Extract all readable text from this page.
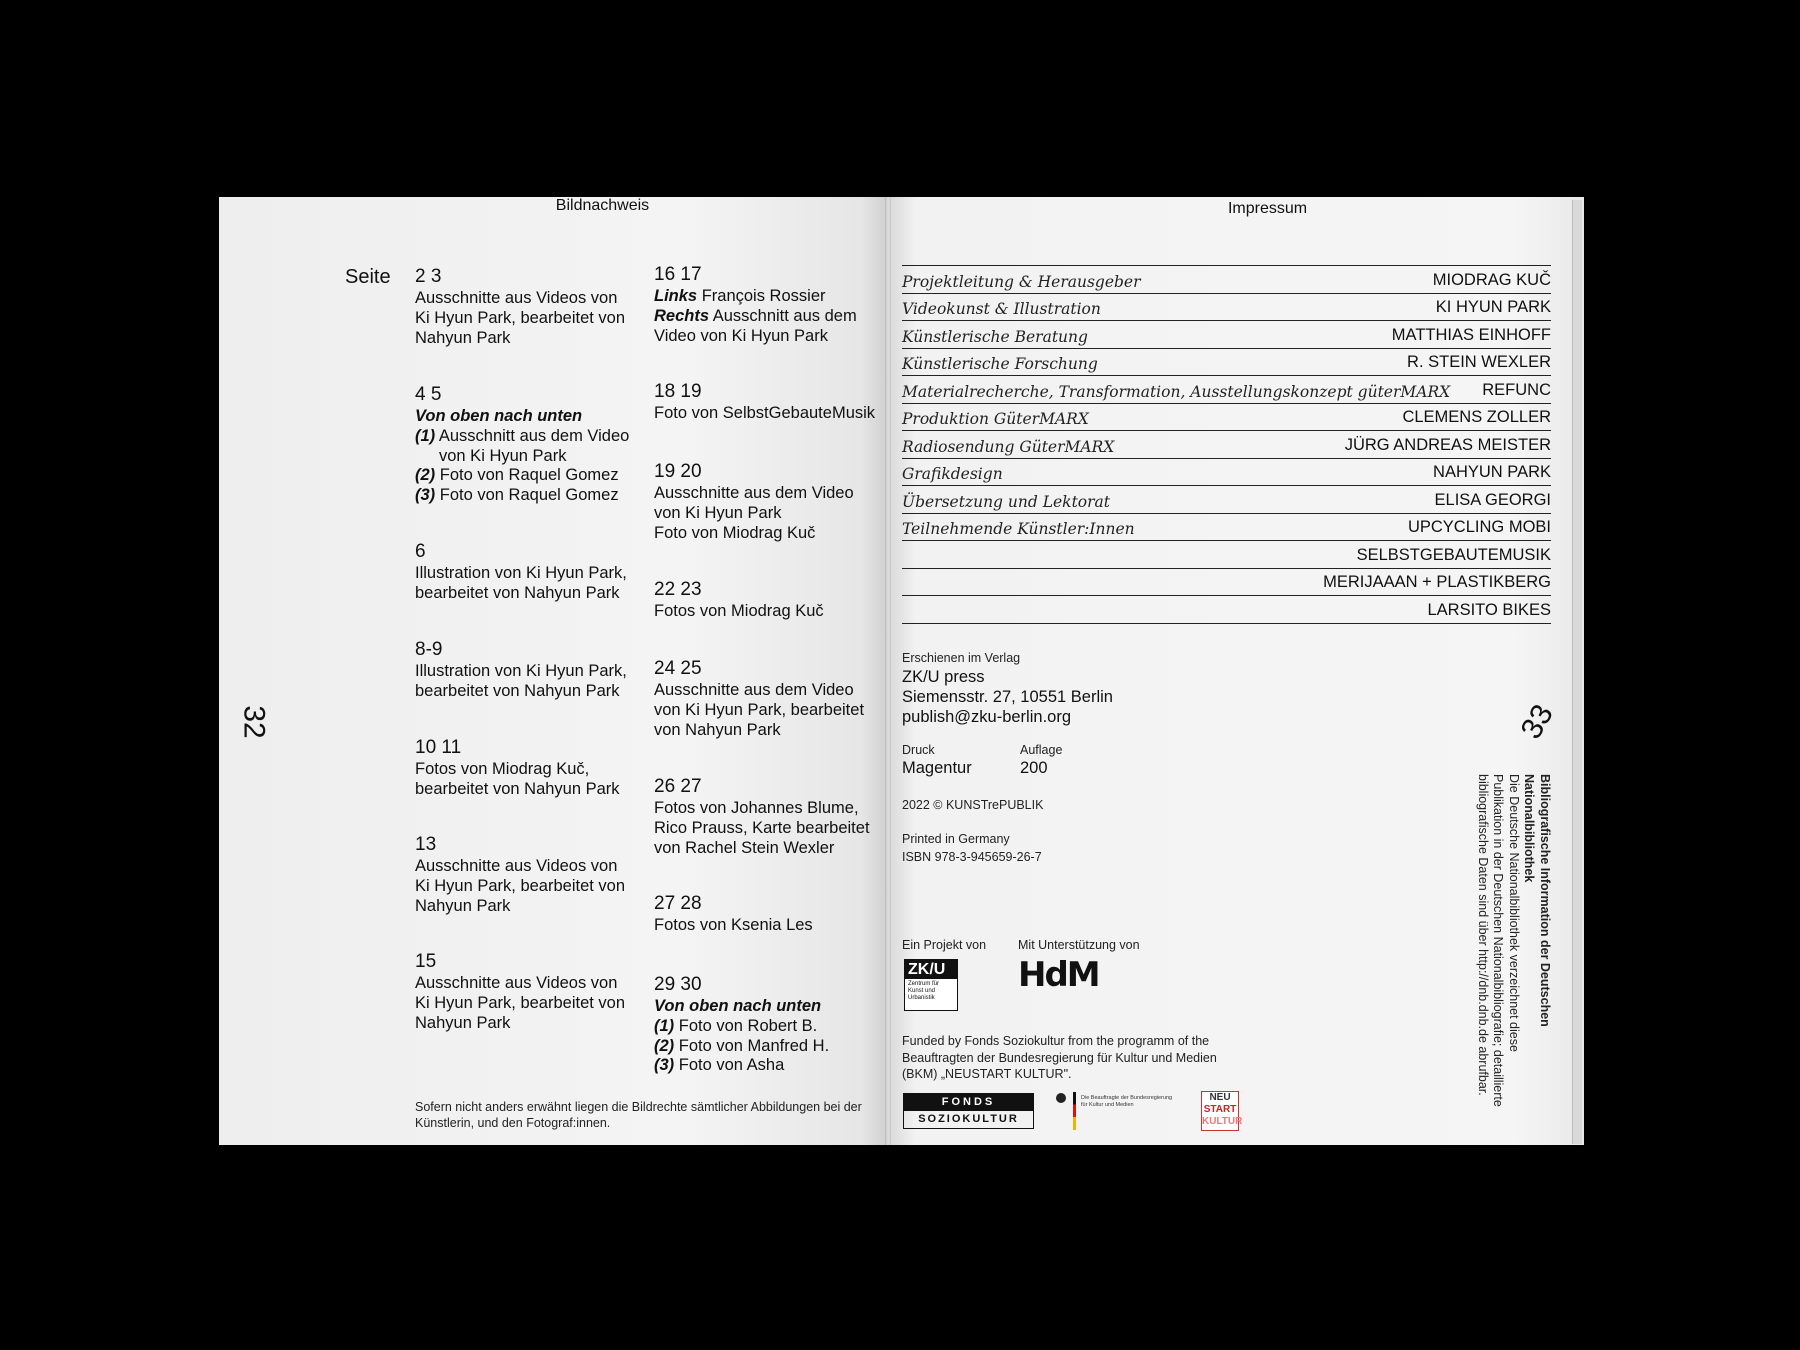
Bildnachweis
Seite
32
2 3
Ausschnitte aus Videos von
Ki Hyun Park, bearbeitet von
Nahyun Park
4 5
Von oben nach unten
(1) Ausschnitt aus dem Video
von Ki Hyun Park
(2) Foto von Raquel Gomez
(3) Foto von Raquel Gomez
6
Illustration von Ki Hyun Park,
bearbeitet von Nahyun Park
8-9
Illustration von Ki Hyun Park,
bearbeitet von Nahyun Park
10 11
Fotos von Miodrag Kuč,
bearbeitet von Nahyun Park
13
Ausschnitte aus Videos von
Ki Hyun Park, bearbeitet von
Nahyun Park
15
Ausschnitte aus Videos von
Ki Hyun Park, bearbeitet von
Nahyun Park
16 17
Links François Rossier
Rechts Ausschnitt aus dem
Video von Ki Hyun Park
18 19
Foto von SelbstGebauteMusik
19 20
Ausschnitte aus dem Video
von Ki Hyun Park
Foto von Miodrag Kuč
22 23
Fotos von Miodrag Kuč
24 25
Ausschnitte aus dem Video
von Ki Hyun Park, bearbeitet
von Nahyun Park
26 27
Fotos von Johannes Blume,
Rico Prauss, Karte bearbeitet
von Rachel Stein Wexler
27 28
Fotos von Ksenia Les
29 30
Von oben nach unten
(1) Foto von Robert B.
(2) Foto von Manfred H.
(3) Foto von Asha
Sofern nicht anders erwähnt liegen die Bildrechte sämtlicher Abbildungen bei der
Künstlerin, und den Fotograf:innen.
Impressum
33
Projektleitung & Herausgeber	MIODRAG KUČ
Videokunst & Illustration	KI HYUN PARK
Künstlerische Beratung	MATTHIAS EINHOFF
Künstlerische Forschung	R. STEIN WEXLER
Materialrecherche, Transformation, Ausstellungskonzept güterMARX REFUNC
Produktion GüterMARX	CLEMENS ZOLLER
Radiosendung GüterMARX	JÜRG ANDREAS MEISTER
Grafikdesign	NAHYUN PARK
Übersetzung und Lektorat	ELISA GEORGI
Teilnehmende Künstler:Innen	UPCYCLING MOBI
SELBSTGEBAUTEMUSIK
MERIJAAAN + PLASTIKBERG
LARSITO BIKES
Erschienen im Verlag
ZK/U press
Siemensstr. 27, 10551 Berlin
publish@zku-berlin.org
Druck
Magentur
Auflage
200
2022 © KUNSTrePUBLIK
Printed in Germany
ISBN 978-3-945659-26-7
Ein Projekt von	Mit Unterstützung von
ZK/U
Zentrum für
Kunst und
Urbanistik
HdM
Funded by Fonds Soziokultur from the programm of the
Beauftragten der Bundesregierung für Kultur und Medien
(BKM) „NEUSTART KULTUR".
FONDS
SOZIOKULTUR
Die Beauftragte der Bundesregierung
für Kultur und Medien
NEU
START
KULTUR
Bibliografische Information der Deutschen Nationalbibliothek
Die Deutsche Nationalbibliothek verzeichnet diese
Publikation in der Deutschen Nationalbibliografie; detaillierte
bibliografische Daten sind über http://dnb.dnb.de abrufbar.
